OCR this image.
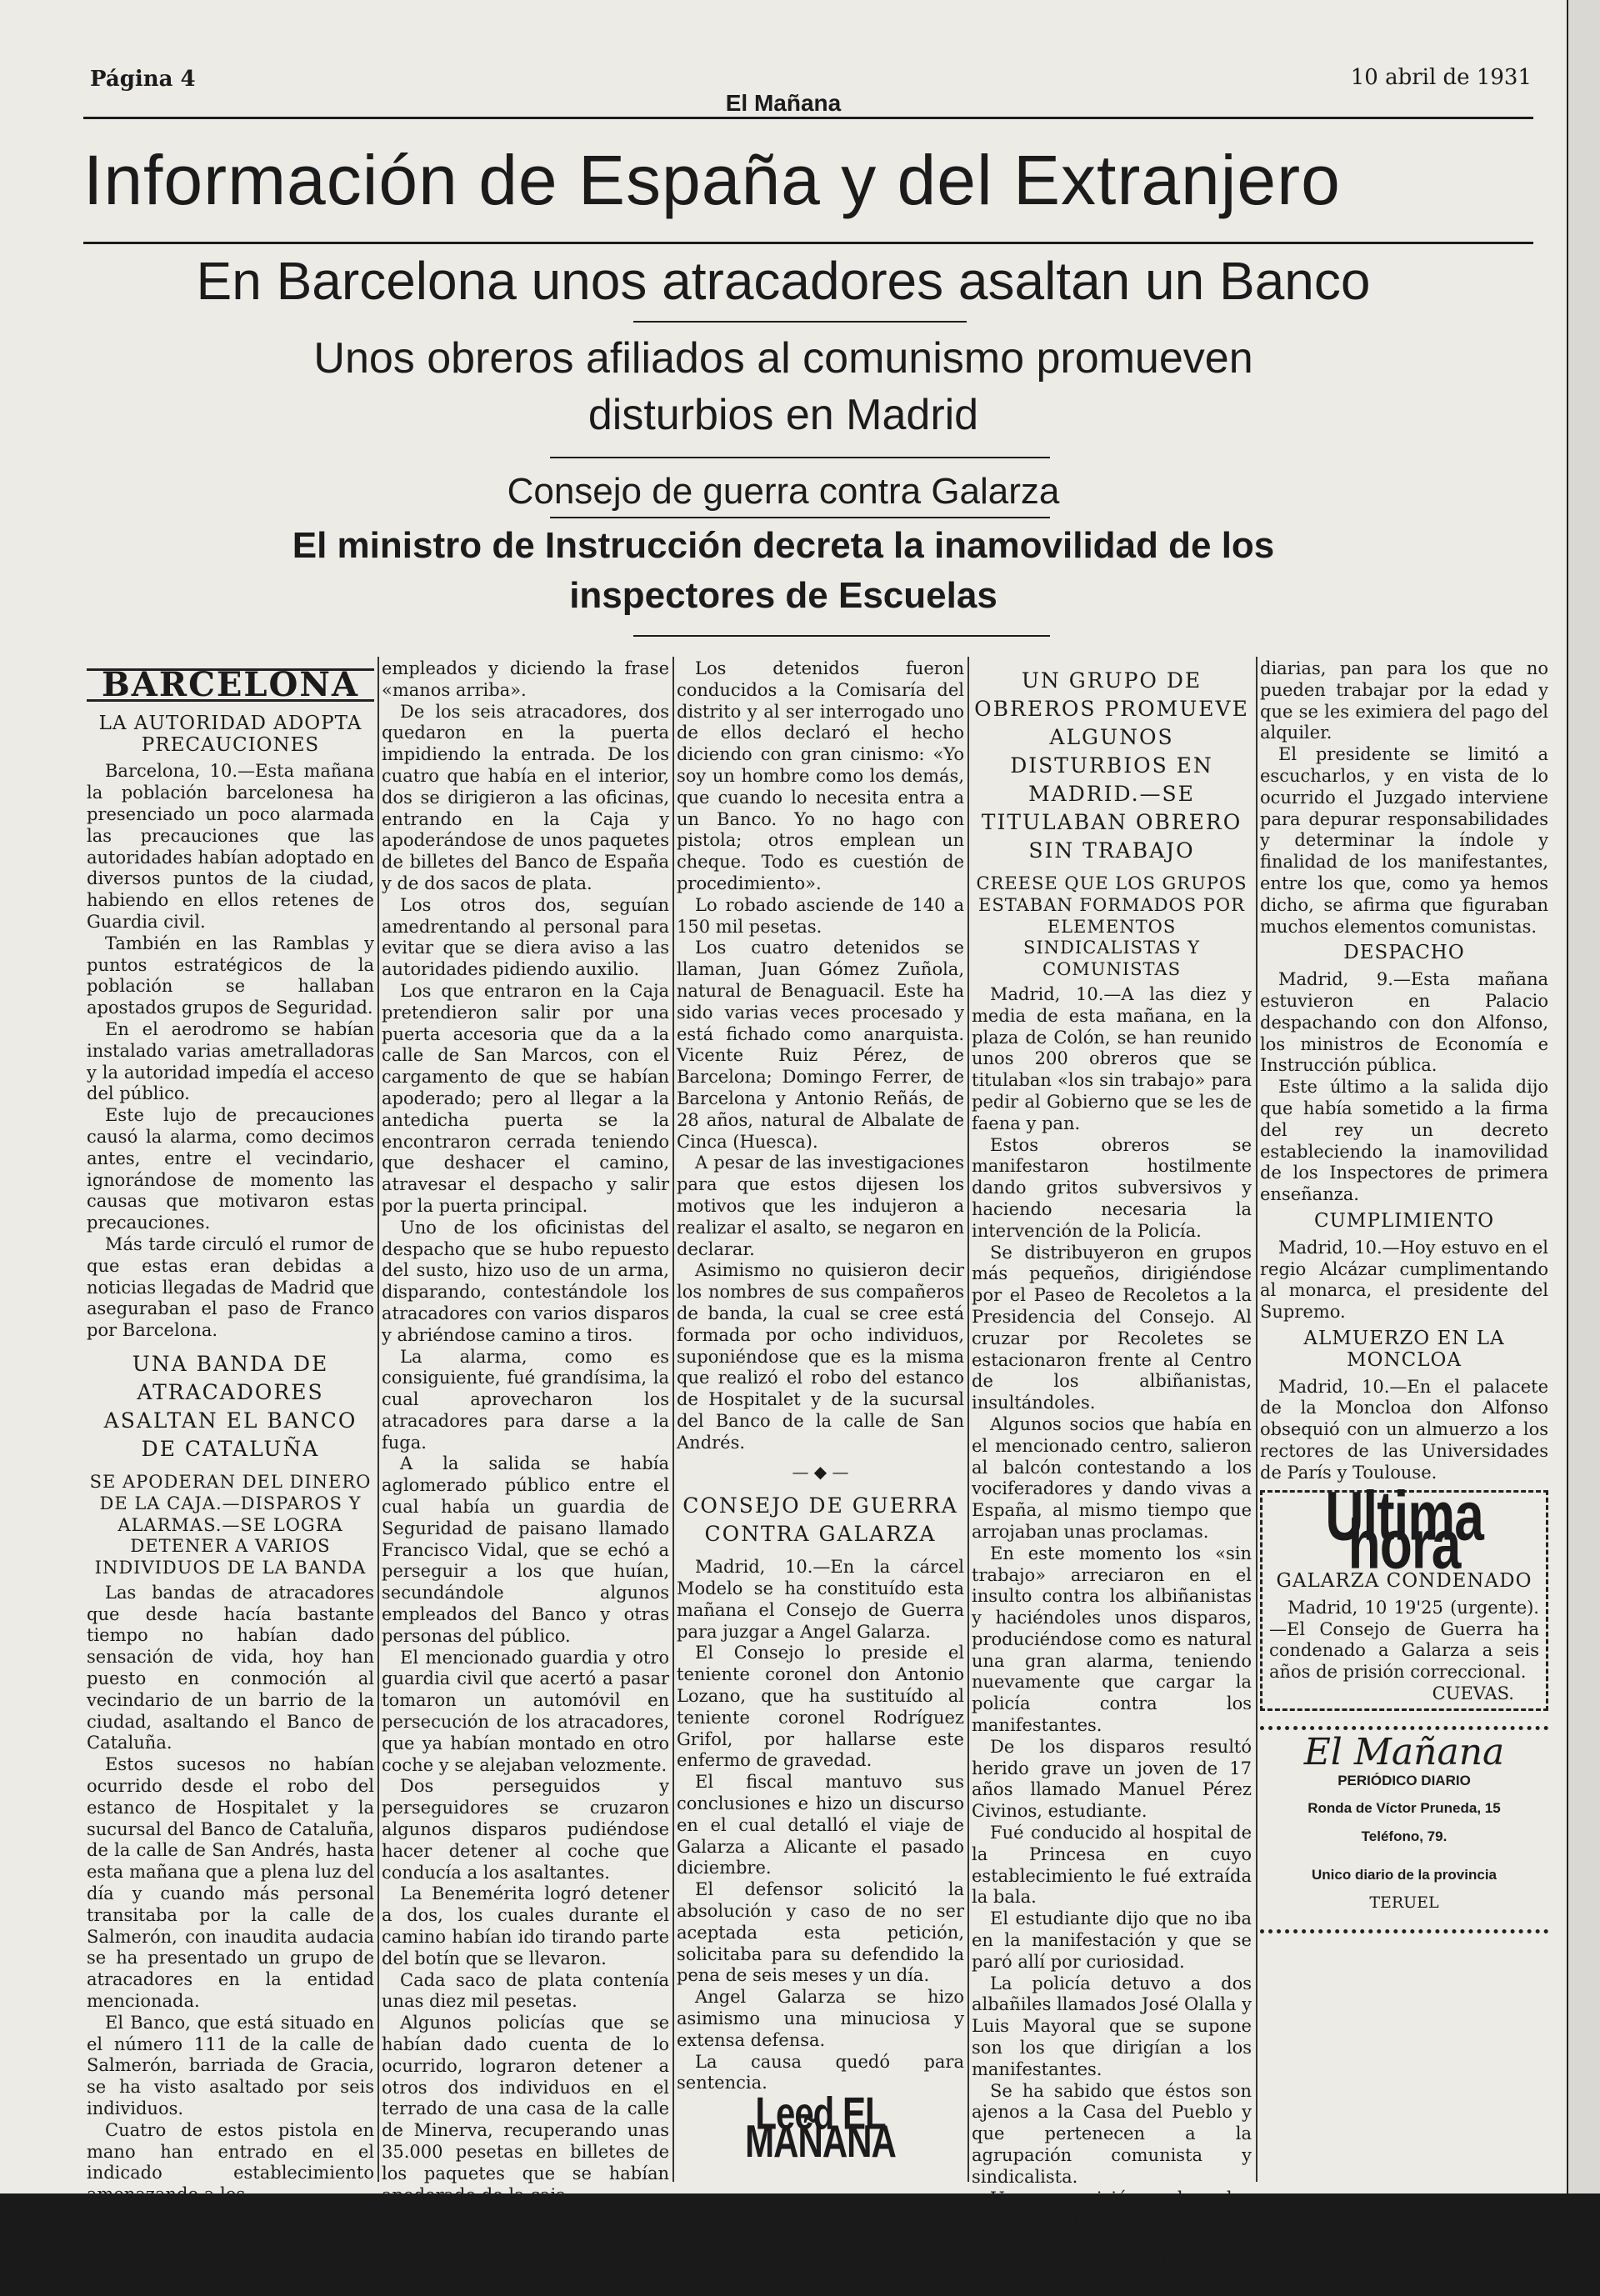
Página 4
El Mañana
10 abril de 1931
Información de España y del Extranjero
En Barcelona unos atracadores asaltan un Banco
Unos obreros afiliados al comunismo promueven
disturbios en Madrid
Consejo de guerra contra Galarza
El ministro de Instrucción decreta la inamovilidad de los
inspectores de Escuelas
BARCELONA

LA AUTORIDAD ADOPTA PRECAUCIONES

Barcelona, 10.—Esta mañana la población barcelonesa ha presenciado un poco alarmada las precauciones que las autoridades habían adoptado en diversos puntos de la ciudad, habiendo en ellos retenes de Guardia civil.

También en las Ramblas y puntos estratégicos de la población se hallaban apostados grupos de Seguridad.

En el aerodromo se habían instalado varias ametralladoras y la autoridad impedía el acceso del público.

Este lujo de precauciones causó la alarma, como decimos antes, entre el vecindario, ignorándose de momento las causas que motivaron estas precauciones.

Más tarde circuló el rumor de que estas eran debidas a noticias llegadas de Madrid que aseguraban el paso de Franco por Barcelona.

UNA BANDA DE ATRACADORES ASALTAN EL BANCO DE CATALUÑA

SE APODERAN DEL DINERO DE LA CAJA.—DISPAROS Y ALARMAS.—SE LOGRA DETENER A VARIOS INDIVIDUOS DE LA BANDA

Las bandas de atracadores que desde hacía bastante tiempo no habían dado sensación de vida, hoy han puesto en conmoción al vecindario de un barrio de la ciudad, asaltando el Banco de Cataluña.

Estos sucesos no habían ocurrido desde el robo del estanco de Hospitalet y la sucursal del Banco de Cataluña, de la calle de San Andrés, hasta esta mañana que a plena luz del día y cuando más personal transitaba por la calle de Salmerón, con inaudita audacia se ha presentado un grupo de atracadores en la entidad mencionada.

El Banco, que está situado en el número 111 de la calle de Salmerón, barriada de Gracia, se ha visto asaltado por seis individuos.

Cuatro de estos pistola en mano han entrado en el indicado establecimiento amenazando a los

empleados y diciendo la frase «manos arriba».

De los seis atracadores, dos quedaron en la puerta impidiendo la entrada. De los cuatro que había en el interior, dos se dirigieron a las oficinas, entrando en la Caja y apoderándose de unos paquetes de billetes del Banco de España y de dos sacos de plata.

Los otros dos, seguían amedrentando al personal para evitar que se diera aviso a las autoridades pidiendo auxilio.

Los que entraron en la Caja pretendieron salir por una puerta accesoria que da a la calle de San Marcos, con el cargamento de que se habían apoderado; pero al llegar a la antedicha puerta se la encontraron cerrada teniendo que deshacer el camino, atravesar el despacho y salir por la puerta principal.

Uno de los oficinistas del despacho que se hubo repuesto del susto, hizo uso de un arma, disparando, contestándole los atracadores con varios disparos y abriéndose camino a tiros.

La alarma, como es consiguiente, fué grandísima, la cual aprovecharon los atracadores para darse a la fuga.

A la salida se había aglomerado público entre el cual había un guardia de Seguridad de paisano llamado Francisco Vidal, que se echó a perseguir a los que huían, secundándole algunos empleados del Banco y otras personas del público.

El mencionado guardia y otro guardia civil que acertó a pasar tomaron un automóvil en persecución de los atracadores, que ya habían montado en otro coche y se alejaban velozmente.

Dos perseguidos y perseguidores se cruzaron algunos disparos pudiéndose hacer detener al coche que conducía a los asaltantes.

La Benemérita logró detener a dos, los cuales durante el camino habían ido tirando parte del botín que se llevaron.

Cada saco de plata contenía unas diez mil pesetas.

Algunos policías que se habían dado cuenta de lo ocurrido, lograron detener a otros dos individuos en el terrado de una casa de la calle de Minerva, recuperando unas 35.000 pesetas en billetes de los paquetes que se habían apoderado de la caja.

Los detenidos fueron conducidos a la Comisaría del distrito y al ser interrogado uno de ellos declaró el hecho diciendo con gran cinismo: «Yo soy un hombre como los demás, que cuando lo necesita entra a un Banco. Yo no hago con pistola; otros emplean un cheque. Todo es cuestión de procedimiento».

Lo robado asciende de 140 a 150 mil pesetas.

Los cuatro detenidos se llaman, Juan Gómez Zuñola, natural de Benaguacil. Este ha sido varias veces procesado y está fichado como anarquista. Vicente Ruiz Pérez, de Barcelona; Domingo Ferrer, de Barcelona y Antonio Reñás, de 28 años, natural de Albalate de Cinca (Huesca).

A pesar de las investigaciones para que estos dijesen los motivos que les indujeron a realizar el asalto, se negaron en declarar.

Asimismo no quisieron decir los nombres de sus compañeros de banda, la cual se cree está formada por ocho individuos, suponiéndose que es la misma que realizó el robo del estanco de Hospitalet y de la sucursal del Banco de la calle de San Andrés.

— ◆ —

CONSEJO DE GUERRA CONTRA GALARZA

Madrid, 10.—En la cárcel Modelo se ha constituído esta mañana el Consejo de Guerra para juzgar a Angel Galarza.

El Consejo lo preside el teniente coronel don Antonio Lozano, que ha sustituído al teniente coronel Rodríguez Grifol, por hallarse este enfermo de gravedad.

El fiscal mantuvo sus conclusiones e hizo un discurso en el cual detalló el viaje de Galarza a Alicante el pasado diciembre.

El defensor solicitó la absolución y caso de no ser aceptada esta petición, solicitaba para su defendido la pena de seis meses y un día.

Angel Galarza se hizo asimismo una minuciosa y extensa defensa.

La causa quedó para sentencia.

Leed EL MAÑANA

UN GRUPO DE OBREROS PROMUEVE ALGUNOS DISTURBIOS EN MADRID.—SE TITULABAN OBRERO SIN TRABAJO

CREESE QUE LOS GRUPOS ESTABAN FORMADOS POR ELEMENTOS SINDICALISTAS Y COMUNISTAS

Madrid, 10.—A las diez y media de esta mañana, en la plaza de Colón, se han reunido unos 200 obreros que se titulaban «los sin trabajo» para pedir al Gobierno que se les de faena y pan.

Estos obreros se manifestaron hostilmente dando gritos subversivos y haciendo necesaria la intervención de la Policía.

Se distribuyeron en grupos más pequeños, dirigiéndose por el Paseo de Recoletos a la Presidencia del Consejo. Al cruzar por Recoletes se estacionaron frente al Centro de los albiñanistas, insultándoles.

Algunos socios que había en el mencionado centro, salieron al balcón contestando a los vociferadores y dando vivas a España, al mismo tiempo que arrojaban unas proclamas.

En este momento los «sin trabajo» arreciaron en el insulto contra los albiñanistas y haciéndoles unos disparos, produciéndose como es natural una gran alarma, teniendo nuevamente que cargar la policía contra los manifestantes.

De los disparos resultó herido grave un joven de 17 años llamado Manuel Pérez Civinos, estudiante.

Fué conducido al hospital de la Princesa en cuyo establecimiento le fué extraída la bala.

El estudiante dijo que no iba en la manifestación y que se paró allí por curiosidad.

La policía detuvo a dos albañiles llamados José Olalla y Luis Mayoral que se supone son los que dirigían a los manifestantes.

Se ha sabido que éstos son ajenos a la Casa del Pueblo y que pertenecen a la agrupación comunista y sindicalista.

Una comisión de los manifestantes fué a la Presidencia del Consejo para hacer la siguiente petición:

Que se les diera dos pesetas

diarias, pan para los que no pueden trabajar por la edad y que se les eximiera del pago del alquiler.

El presidente se limitó a escucharlos, y en vista de lo ocurrido el Juzgado interviene para depurar responsabilidades y determinar la índole y finalidad de los manifestantes, entre los que, como ya hemos dicho, se afirma que figuraban muchos elementos comunistas.

DESPACHO

Madrid, 9.—Esta mañana estuvieron en Palacio despachando con don Alfonso, los ministros de Economía e Instrucción pública.

Este último a la salida dijo que había sometido a la firma del rey un decreto estableciendo la inamovilidad de los Inspectores de primera enseñanza.

CUMPLIMIENTO

Madrid, 10.—Hoy estuvo en el regio Alcázar cumplimentando al monarca, el presidente del Supremo.

ALMUERZO EN LA MONCLOA

Madrid, 10.—En el palacete de la Moncloa don Alfonso obsequió con un almuerzo a los rectores de las Universidades de París y Toulouse.

Ultima hora

GALARZA CONDENADO

Madrid, 10 19'25 (urgente).—El Consejo de Guerra ha condenado a Galarza a seis años de prisión correccional.

CUEVAS.

El Mañana
PERIÓDICO DIARIO
Ronda de Víctor Pruneda, 15
Teléfono, 79.
Unico diario de la provincia
TERUEL
